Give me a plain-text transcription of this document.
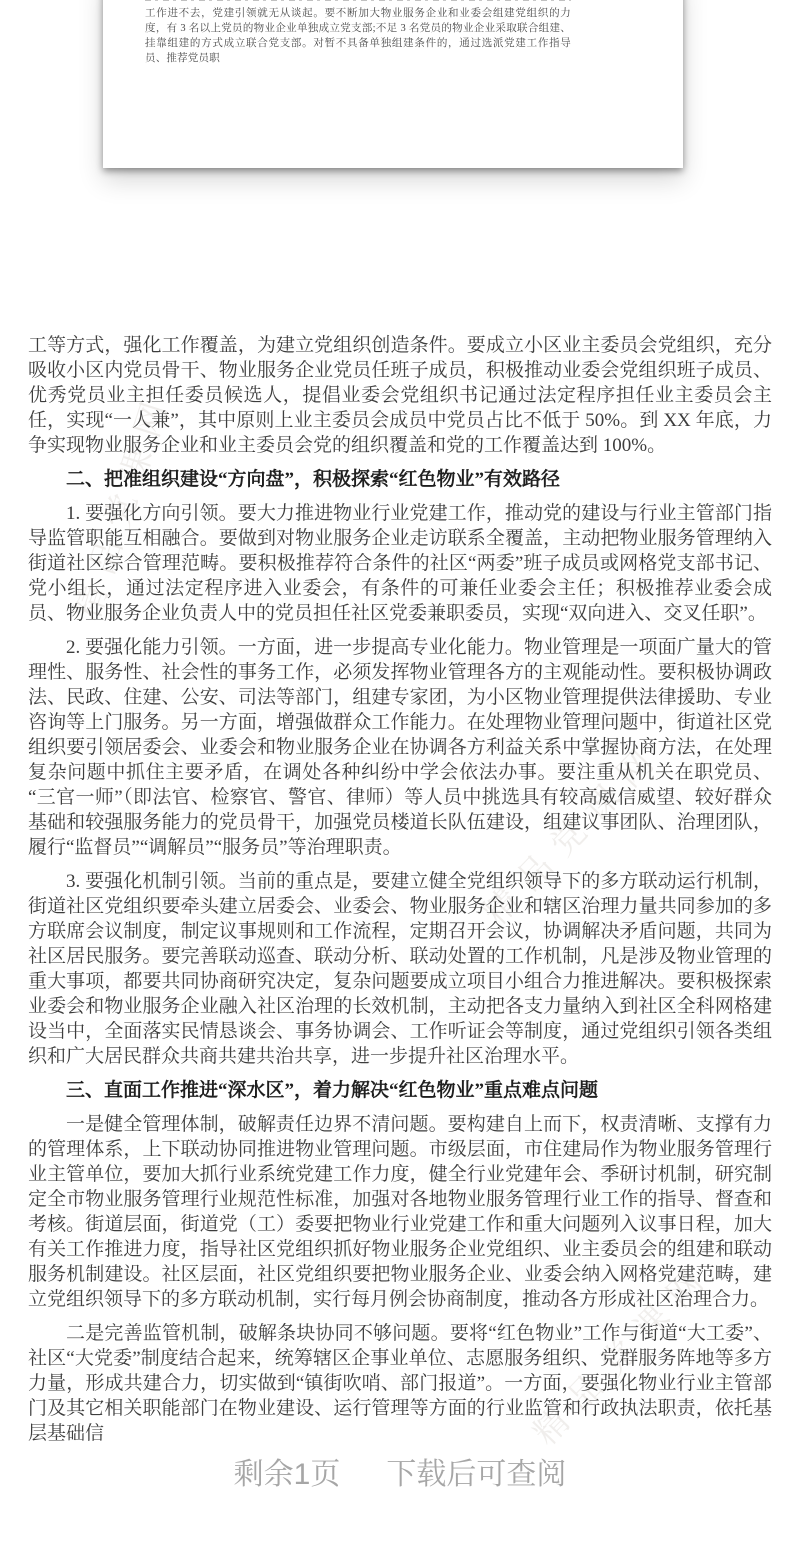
工作进不去，党建引领就无从谈起。要不断加大物业服务企业和业委会组建党组织的力度，有 3 名以上党员的物业企业单独成立党支部;不足 3 名党员的物业企业采取联合组建、挂靠组建的方式成立联合党支部。对暂不具备单独组建条件的，通过选派党建工作指导员、推荐党员职

精品党课网
精品党课网
精品党课网

工等方式，强化工作覆盖，为建立党组织创造条件。要成立小区业主委员会党组织，充分吸收小区内党员骨干、物业服务企业党员任班子成员，积极推动业委会党组织班子成员、优秀党员业主担任委员候选人，提倡业委会党组织书记通过法定程序担任业主委员会主任，实现“一人兼”，其中原则上业主委员会成员中党员占比不低于 50%。到 XX 年底，力争实现物业服务企业和业主委员会党的组织覆盖和党的工作覆盖达到 100%。

二、把准组织建设“方向盘”，积极探索“红色物业”有效路径

1. 要强化方向引领。要大力推进物业行业党建工作，推动党的建设与行业主管部门指导监管职能互相融合。要做到对物业服务企业走访联系全覆盖，主动把物业服务管理纳入街道社区综合管理范畴。要积极推荐符合条件的社区“两委”班子成员或网格党支部书记、党小组长，通过法定程序进入业委会，有条件的可兼任业委会主任；积极推荐业委会成员、物业服务企业负责人中的党员担任社区党委兼职委员，实现“双向进入、交叉任职”。

2. 要强化能力引领。一方面，进一步提高专业化能力。物业管理是一项面广量大的管理性、服务性、社会性的事务工作，必须发挥物业管理各方的主观能动性。要积极协调政法、民政、住建、公安、司法等部门，组建专家团，为小区物业管理提供法律援助、专业咨询等上门服务。另一方面，增强做群众工作能力。在处理物业管理问题中，街道社区党组织要引领居委会、业委会和物业服务企业在协调各方利益关系中掌握协商方法，在处理复杂问题中抓住主要矛盾，在调处各种纠纷中学会依法办事。要注重从机关在职党员、“三官一师”（即法官、检察官、警官、律师）等人员中挑选具有较高威信威望、较好群众基础和较强服务能力的党员骨干，加强党员楼道长队伍建设，组建议事团队、治理团队，履行“监督员”“调解员”“服务员”等治理职责。

3. 要强化机制引领。当前的重点是，要建立健全党组织领导下的多方联动运行机制，街道社区党组织要牵头建立居委会、业委会、物业服务企业和辖区治理力量共同参加的多方联席会议制度，制定议事规则和工作流程，定期召开会议，协调解决矛盾问题，共同为社区居民服务。要完善联动巡查、联动分析、联动处置的工作机制，凡是涉及物业管理的重大事项，都要共同协商研究决定，复杂问题要成立项目小组合力推进解决。要积极探索业委会和物业服务企业融入社区治理的长效机制，主动把各支力量纳入到社区全科网格建设当中，全面落实民情恳谈会、事务协调会、工作听证会等制度，通过党组织引领各类组织和广大居民群众共商共建共治共享，进一步提升社区治理水平。

三、直面工作推进“深水区”，着力解决“红色物业”重点难点问题

一是健全管理体制，破解责任边界不清问题。要构建自上而下，权责清晰、支撑有力的管理体系，上下联动协同推进物业管理问题。市级层面，市住建局作为物业服务管理行业主管单位，要加大抓行业系统党建工作力度，健全行业党建年会、季研讨机制，研究制定全市物业服务管理行业规范性标准，加强对各地物业服务管理行业工作的指导、督查和考核。街道层面，街道党（工）委要把物业行业党建工作和重大问题列入议事日程，加大有关工作推进力度，指导社区党组织抓好物业服务企业党组织、业主委员会的组建和联动服务机制建设。社区层面，社区党组织要把物业服务企业、业委会纳入网格党建范畴，建立党组织领导下的多方联动机制，实行每月例会协商制度，推动各方形成社区治理合力。

二是完善监管机制，破解条块协同不够问题。要将“红色物业”工作与街道“大工委”、社区“大党委”制度结合起来，统筹辖区企事业单位、志愿服务组织、党群服务阵地等多方力量，形成共建合力，切实做到“镇街吹哨、部门报道”。一方面，要强化物业行业主管部门及其它相关职能部门在物业建设、运行管理等方面的行业监管和行政执法职责，依托基层基础信

剩余1页 下载后可查阅
